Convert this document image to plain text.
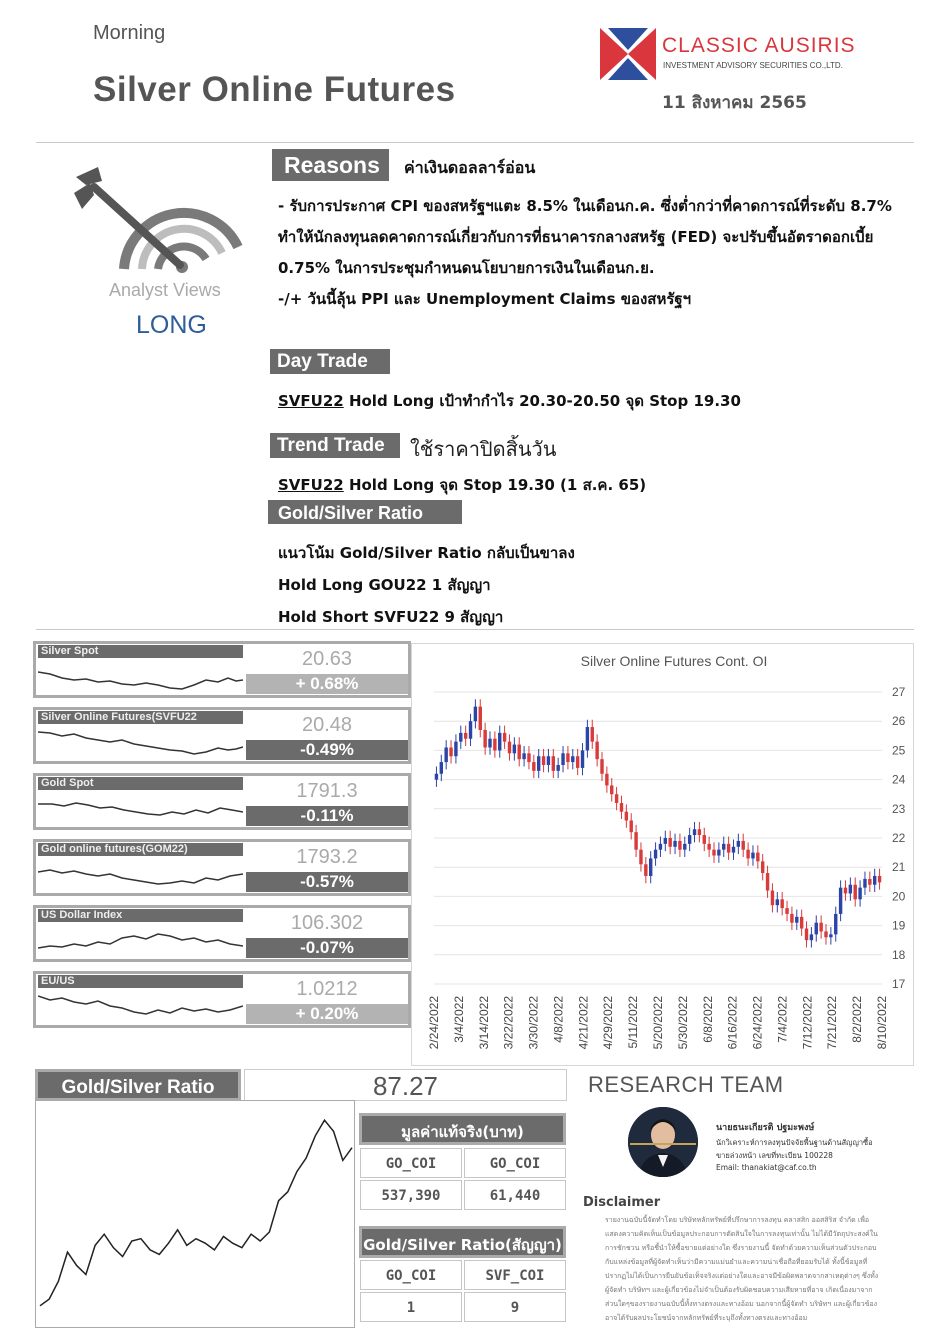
Morning
Silver Online Futures
CLASSIC AUSIRIS
INVESTMENT ADVISORY SECURITIES CO.,LTD.
11 สิงหาคม 2565
Analyst Views
LONG
Reasons	ค่าเงินดอลลาร์อ่อน
- รับการประกาศ CPI ของสหรัฐฯแตะ 8.5% ในเดือนก.ค. ซึ่งต่ำกว่าที่คาดการณ์ที่ระดับ 8.7%
ทำให้นักลงทุนลดคาดการณ์เกี่ยวกับการที่ธนาคารกลางสหรัฐ (FED) จะปรับขึ้นอัตราดอกเบี้ย
0.75% ในการประชุมกำหนดนโยบายการเงินในเดือนก.ย.
-/+ วันนี้ลุ้น PPI และ Unemployment Claims ของสหรัฐฯ
Day Trade
SVFU22 Hold Long เป้าทำกำไร 20.30-20.50 จุด Stop 19.30
Trend Trade	ใช้ราคาปิดสิ้นวัน
SVFU22 Hold Long จุด Stop 19.30 (1 ส.ค. 65)
Gold/Silver Ratio
แนวโน้ม Gold/Silver Ratio กลับเป็นขาลง
Hold Long GOU22 1 สัญญา
Hold Short SVFU22 9 สัญญา
Silver Spot	20.63
+ 0.68%
Silver Online Futures(SVFU22	20.48
-0.49%
Gold Spot	1791.3
-0.11%
Gold online futures(GOM22)	1793.2
-0.57%
US Dollar Index	106.302
-0.07%
EU/US	1.0212
+ 0.20%
Silver Online Futures Cont. OI
27
26
25
24
23
22
21
20
19
18
17
2/24/2022 3/4/2022 3/14/2022 3/22/2022 3/30/2022 4/8/2022 4/21/2022 4/29/2022 5/11/2022 5/20/2022 5/30/2022 6/8/2022 6/16/2022 6/24/2022 7/4/2022 7/12/2022 7/21/2022 8/2/2022 8/10/2022
Gold/Silver Ratio	87.27
มูลค่าแท้จริง(บาท)
GO_COI	GO_COI
537,390	61,440
Gold/Silver Ratio(สัญญา)
GO_COI	SVF_COI
1	9
RESEARCH TEAM
นายธนะเกียรติ ปฐมะพงษ์
นักวิเคราะห์การลงทุนปัจจัยพื้นฐานด้านสัญญาซื้อ
ขายล่วงหน้า เลขที่ทะเบียน 100228
Email: thanakiat@caf.co.th
Disclaimer
รายงานฉบับนี้จัดทำโดย บริษัทหลักทรัพย์ที่ปรึกษาการลงทุน คลาสสิก ออสสิริส จำกัด เพื่อ
แสดงความคิดเห็นเป็นข้อมูลประกอบการตัดสินใจในการลงทุนเท่านั้น ไม่ได้มีวัตถุประสงค์ใน
การชักชวน หรือชี้นำให้ซื้อขายแต่อย่างใด ซึ่งรายงานนี้ จัดทำด้วยความเห็นส่วนตัวประกอบ
กับแหล่งข้อมูลที่ผู้จัดทำเห็นว่ามีความแม่นยำและความน่าเชื่อถือที่ยอมรับได้ ทั้งนี้ข้อมูลที่
ปรากฏไม่ได้เป็นการยืนยันข้อเท็จจริงแต่อย่างใดและอาจมีข้อผิดพลาดจากสาเหตุต่างๆ ซึ่งทั้ง
ผู้จัดทำ บริษัทฯ และผู้เกี่ยวข้องไม่จำเป็นต้องรับผิดชอบความเสียหายที่อาจ เกิดเนื่องมาจาก
ส่วนใดๆของรายงานฉบับนี้ทั้งทางตรงและทางอ้อม นอกจากนี้ผู้จัดทำ บริษัทฯ และผู้เกี่ยวข้อง
อาจได้รับผลประโยชน์จากหลักทรัพย์ที่ระบุถึงทั้งทางตรงและทางอ้อม
